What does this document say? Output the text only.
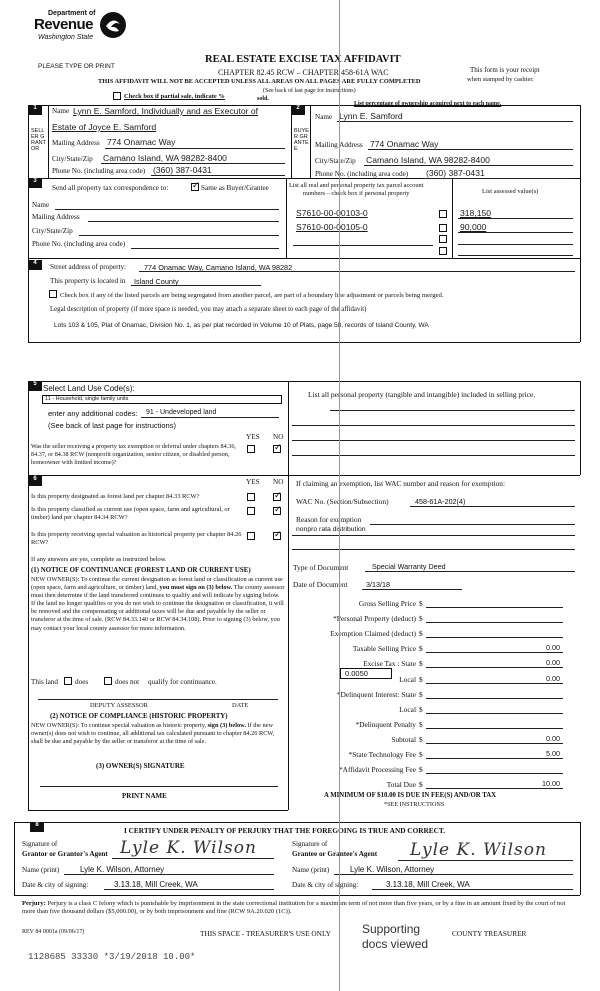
Department of
Revenue
Washington State
PLEASE TYPE OR PRINT
REAL ESTATE EXCISE TAX AFFIDAVIT
CHAPTER 82.45 RCW – CHAPTER 458-61A WAC
THIS AFFIDAVIT WILL NOT BE ACCEPTED UNLESS ALL AREAS ON ALL PAGES ARE FULLY COMPLETED
This form is your receipt
when stamped by cashier.
(See back of last page for instructions)
Check box if partial sale, indicate %	sold.
List percentage of ownership acquired next to each name.
1	2
SELLER GRANTOR
BUYER GRANTEE
Name Lynn E. Samford, Individually and as Executor of
Estate of Joyce E. Samford
Mailing Address 774 Onamac Way
City/State/Zip Camano Island, WA 98282-8400
Phone No. (including area code) (360) 387-0431
Name Lynn E. Samford
Mailing Address 774 Onamac Way
City/State/Zip Camano Island, WA 98282-8400
Phone No. (including area code) (360) 387-0431
3
Send all property tax correspondence to:
✓	Same as Buyer/Grantee
Name
Mailing Address
City/State/Zip
Phone No. (including area code)
List all real and personal property tax parcel account
numbers – check box if personal property	List assessed value(s)
S7610-00-00103-0	318,150
S7610-00-00105-0	90,000
4	Street address of property: 774 Onamac Way, Camano Island, WA 98282
This property is located in Island County
Check box if any of the listed parcels are being segregated from another parcel, are part of a boundary line adjustment or parcels being merged.
Legal description of property (if more space is needed, you may attach a separate sheet to each page of the affidavit)
Lots 103 & 105, Plat of Onamac, Division No. 1, as per plat recorded in Volume 10 of Plats, page 58, records of Island County, WA
5 Select Land Use Code(s):
11 - Household, single family units
enter any additional codes: 91 - Undeveloped land
(See back of last page for instructions)
YES NO
Was the seller receiving a property tax exemption or deferral under chapters 84.36, 84.37, or 84.38 RCW (nonprofit organization, senior citizen, or disabled person, homeowner with limited income)?
✓
List all personal property (tangible and intangible) included in selling price.
6	YES NO
Is this property designated as forest land per chapter 84.33 RCW?
✓
Is this property classified as current use (open space, farm and agricultural, or timber) land per chapter 84.34 RCW?
✓
Is this property receiving special valuation as historical property per chapter 84.26 RCW?
✓
If any answers are yes, complete as instructed below.
(1) NOTICE OF CONTINUANCE (FOREST LAND OR CURRENT USE)
NEW OWNER(S): To continue the current designation as forest land or classification as current use (open space, farm and agriculture, or timber) land, you must sign on (3) below. The county assessor must then determine if the land transferred continues to qualify and will indicate by signing below. If the land no longer qualifies or you do not wish to continue the designation or classification, it will be removed and the compensating or additional taxes will be due and payable by the seller or transferor at the time of sale. (RCW 84.33.140 or RCW 84.34.108). Prior to signing (3) below, you may contact your local county assessor for more information.
This land does	does not qualify for continuance.
DEPUTY ASSESSOR	DATE
(2) NOTICE OF COMPLIANCE (HISTORIC PROPERTY)
NEW OWNER(S): To continue special valuation as historic property, sign (3) below. If the new owner(s) does not wish to continue, all additional tax calculated pursuant to chapter 84.26 RCW, shall be due and payable by the seller or transferor at the time of sale.
(3) OWNER(S) SIGNATURE
PRINT NAME
If claiming an exemption, list WAC number and reason for exemption:
WAC No. (Section/Subsection)	458-61A-202(4)
Reason for exemption
nonpro rata distribution
Type of Document	Special Warranty Deed
Date of Document	3/13/18
Gross Selling Price $
*Personal Property (deduct) $
Exemption Claimed (deduct) $
Taxable Selling Price $	0.00
Excise Tax : State $	0.00
Local $	0.00
*Delinquent Interest: State $
Local $
*Delinquent Penalty $
Subtotal $	0.00
*State Technology Fee $	5.00
*Affidavit Processing Fee $
Total Due $	10.00
0.0050
A MINIMUM OF $10.00 IS DUE IN FEE(S) AND/OR TAX
*SEE INSTRUCTIONS
8
I CERTIFY UNDER PENALTY OF PERJURY THAT THE FOREGOING IS TRUE AND CORRECT.
Signature of
Grantor or Grantor's Agent Lyle K. Wilson
Name (print)	Lyle K. Wilson, Attorney
Date & city of signing:	3.13.18, Mill Creek, WA
Signature of
Grantee or Grantee's Agent Lyle K. Wilson
Name (print)	Lyle K. Wilson, Attorney
Date & city of signing:	3.13.18, Mill Creek, WA
Perjury: Perjury is a class C felony which is punishable by imprisonment in the state correctional institution for a maximum term of not more than five years, or by a fine in an amount fixed by the court of not more than five thousand dollars ($5,000.00), or by both imprisonment and fine (RCW 9A.20.020 (1C)).
REV 84 0001a (09/06/17)	THIS SPACE - TREASURER'S USE ONLY	COUNTY TREASURER
Supporting
docs viewed
1128685 33330 *3/19/2018 10.00*
